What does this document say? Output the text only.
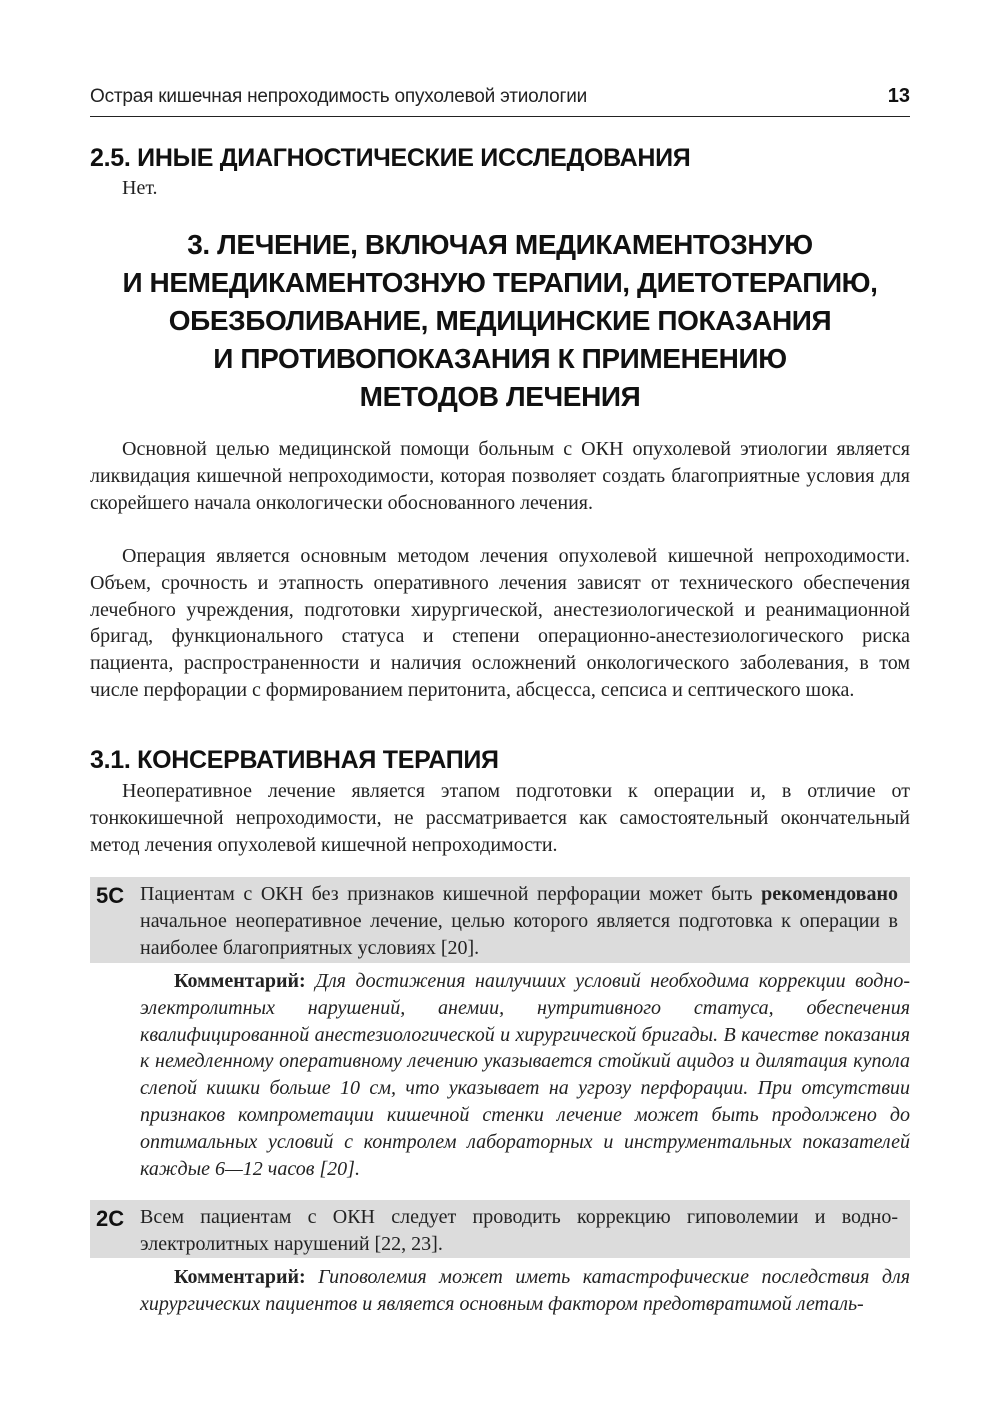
Острая кишечная непроходимость опухолевой этиологии	13
2.5. ИНЫЕ ДИАГНОСТИЧЕСКИЕ ИССЛЕДОВАНИЯ
Нет.
3. ЛЕЧЕНИЕ, ВКЛЮЧАЯ МЕДИКАМЕНТОЗНУЮ
И НЕМЕДИКАМЕНТОЗНУЮ ТЕРАПИИ, ДИЕТОТЕРАПИЮ,
ОБЕЗБОЛИВАНИЕ, МЕДИЦИНСКИЕ ПОКАЗАНИЯ
И ПРОТИВОПОКАЗАНИЯ К ПРИМЕНЕНИЮ
МЕТОДОВ ЛЕЧЕНИЯ

Основной целью медицинской помощи больным с ОКН опухолевой этиологии является ликвидация кишечной непроходимости, которая позволяет создать благоприятные условия для скорейшего начала онкологически обоснованного лечения.

Операция является основным методом лечения опухолевой кишечной непроходимости. Объем, срочность и этапность оперативного лечения зависят от технического обеспечения лечебного учреждения, подготовки хирургической, анестезиологической и реанимационной бригад, функционального статуса и степени операционно-анестезиологического риска пациента, распространенности и наличия осложнений онкологического заболевания, в том числе перфорации с формированием перитонита, абсцесса, сепсиса и септического шока.

3.1. КОНСЕРВАТИВНАЯ ТЕРАПИЯ

Неоперативное лечение является этапом подготовки к операции и, в отличие от тонкокишечной непроходимости, не рассматривается как самостоятельный окончательный метод лечения опухолевой кишечной непроходимости.

5С Пациентам с ОКН без признаков кишечной перфорации может быть рекомендовано начальное неоперативное лечение, целью которого является подготовка к операции в наиболее благоприятных условиях [20].

Комментарий: Для достижения наилучших условий необходима коррекции водно-электролитных нарушений, анемии, нутритивного статуса, обеспечения квалифицированной анестезиологической и хирургической бригады. В качестве показания к немедленному оперативному лечению указывается стойкий ацидоз и дилятация купола слепой кишки больше 10 см, что указывает на угрозу перфорации. При отсутствии признаков компрометации кишечной стенки лечение может быть продолжено до оптимальных условий с контролем лабораторных и инструментальных показателей каждые 6—12 часов [20].

2С Всем пациентам с ОКН следует проводить коррекцию гиповолемии и водно-электролитных нарушений [22, 23].

Комментарий: Гиповолемия может иметь катастрофические последствия для хирургических пациентов и является основным фактором предотвратимой леталь-
